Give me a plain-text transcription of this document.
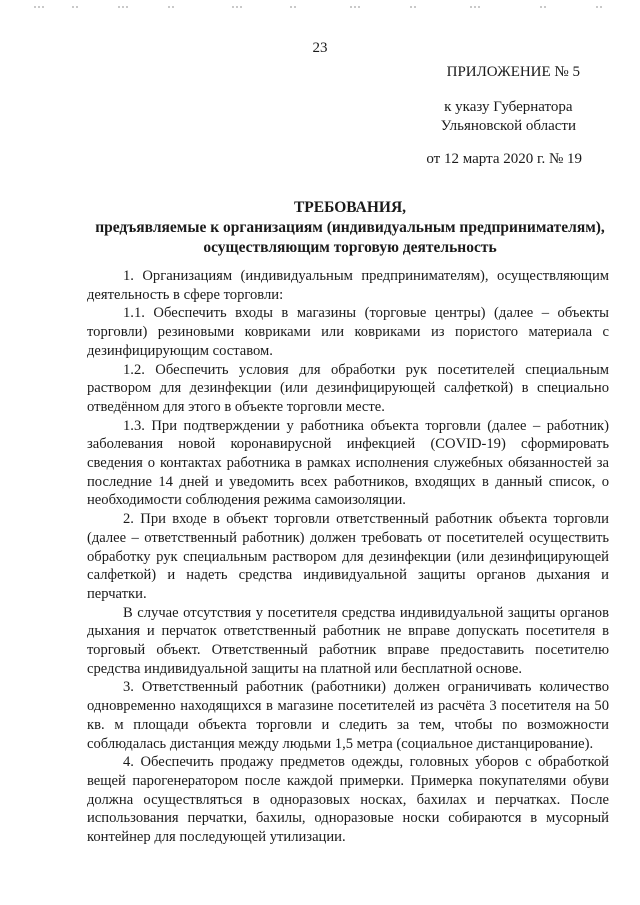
23
ПРИЛОЖЕНИЕ № 5
к указу Губернатора
Ульяновской области
от 12 марта 2020 г. № 19
ТРЕБОВАНИЯ,
предъявляемые к организациям (индивидуальным предпринимателям),
осуществляющим торговую деятельность

1. Организациям (индивидуальным предпринимателям), осуществляющим деятельность в сфере торговли:

1.1. Обеспечить входы в магазины (торговые центры) (далее – объекты торговли) резиновыми ковриками или ковриками из пористого материала с дезинфицирующим составом.

1.2. Обеспечить условия для обработки рук посетителей специальным раствором для дезинфекции (или дезинфицирующей салфеткой) в специально отведённом для этого в объекте торговли месте.

1.3. При подтверждении у работника объекта торговли (далее – работник) заболевания новой коронавирусной инфекцией (COVID-19) сформировать сведения о контактах работника в рамках исполнения служебных обязанностей за последние 14 дней и уведомить всех работников, входящих в данный список, о необходимости соблюдения режима самоизоляции.

2. При входе в объект торговли ответственный работник объекта торговли (далее – ответственный работник) должен требовать от посетителей осуществить обработку рук специальным раствором для дезинфекции (или дезинфицирующей салфеткой) и надеть средства индивидуальной защиты органов дыхания и перчатки.

В случае отсутствия у посетителя средства индивидуальной защиты органов дыхания и перчаток ответственный работник не вправе допускать посетителя в торговый объект. Ответственный работник вправе предоставить посетителю средства индивидуальной защиты на платной или бесплатной основе.

3. Ответственный работник (работники) должен ограничивать количество одновременно находящихся в магазине посетителей из расчёта 3 посетителя на 50 кв. м площади объекта торговли и следить за тем, чтобы по возможности соблюдалась дистанция между людьми 1,5 метра (социальное дистанцирование).

4. Обеспечить продажу предметов одежды, головных уборов с обработкой вещей парогенератором после каждой примерки. Примерка покупателями обуви должна осуществляться в одноразовых носках, бахилах и перчатках. После использования перчатки, бахилы, одноразовые носки собираются в мусорный контейнер для последующей утилизации.
